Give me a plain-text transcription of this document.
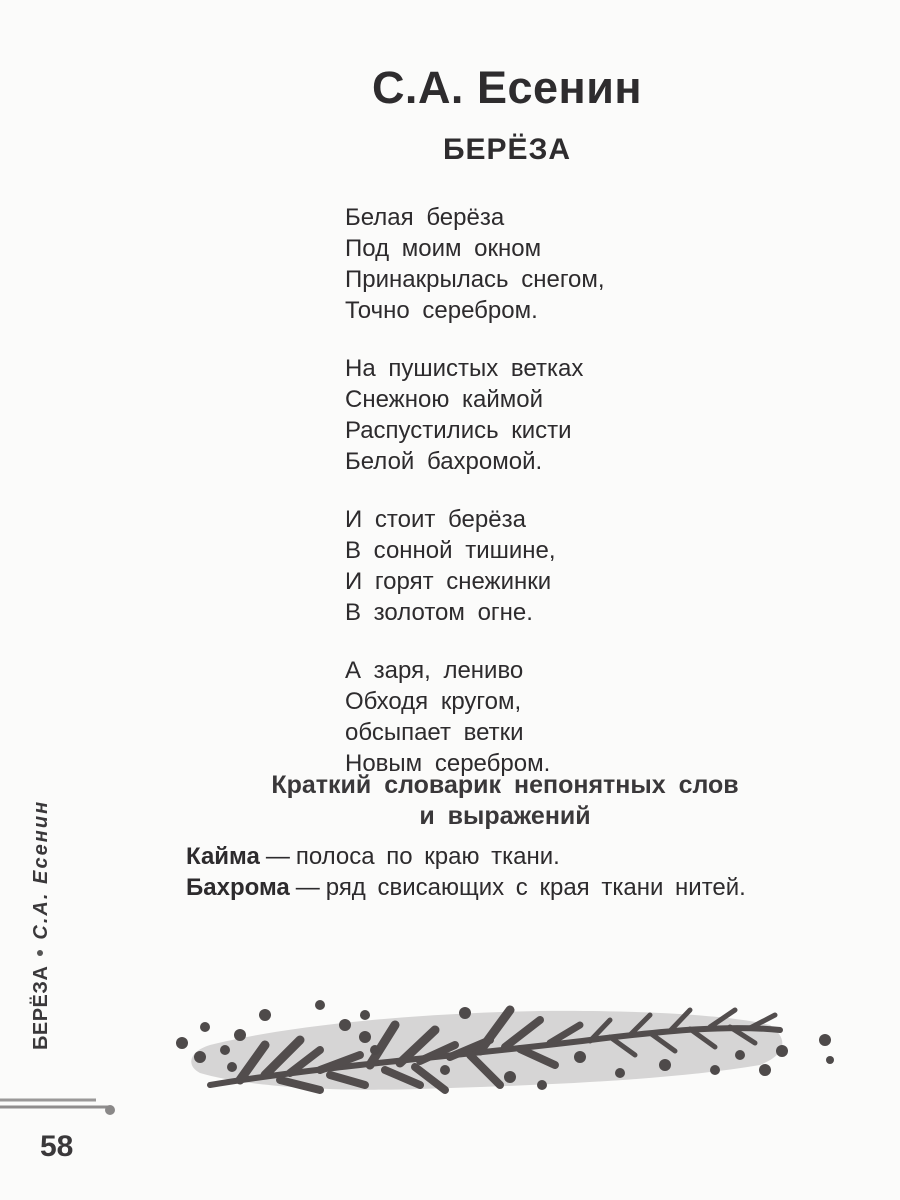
С.А. Есенин
БЕРЁЗА
Белая берёза
Под моим окном
Принакрылась снегом,
Точно серебром.
На пушистых ветках
Снежною каймой
Распустились кисти
Белой бахромой.
И стоит берёза
В сонной тишине,
И горят снежинки
В золотом огне.
А заря, лениво
Обходя кругом,
обсыпает ветки
Новым серебром.
Краткий словарик непонятных слов
и выражений
Кайма — полоса по краю ткани.
Бахрома — ряд свисающих с края ткани нитей.
БЕРЁЗАС.А. Есенин
58
